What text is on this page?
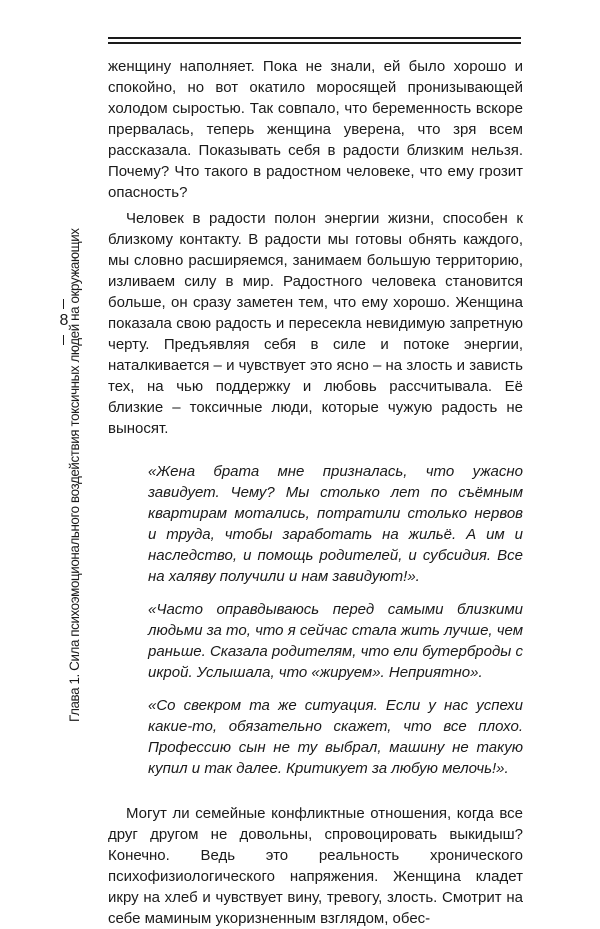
8
Глава 1. Сила психоэмоционального воздействия токсичных людей на окружающих

женщину наполняет. Пока не знали, ей было хорошо и спокойно, но вот окатило моросящей пронизывающей холодом сыростью. Так совпало, что беременность вскоре прервалась, теперь женщина уверена, что зря всем рассказала. Показывать себя в радости близким нельзя. Почему? Что такого в радостном человеке, что ему грозит опасность?

Человек в радости полон энергии жизни, способен к близкому контакту. В радости мы готовы обнять каждого, мы словно расширяемся, занимаем большую территорию, изливаем силу в мир. Радостного человека становится больше, он сразу заметен тем, что ему хорошо. Женщина показала свою радость и пересекла невидимую запретную черту. Предъявляя себя в силе и потоке энергии, наталкивается – и чувствует это ясно – на злость и зависть тех, на чью поддержку и любовь рассчитывала. Её близкие – токсичные люди, которые чужую радость не выносят.

«Жена брата мне призналась, что ужасно завидует. Чему? Мы столько лет по съёмным квартирам мотались, потратили столько нервов и труда, чтобы заработать на жильё. А им и наследство, и помощь родителей, и субсидия. Все на халяву получили и нам завидуют!».

«Часто оправдываюсь перед самыми близкими людьми за то, что я сейчас стала жить лучше, чем раньше. Сказала родителям, что ели бутерброды с икрой. Услышала, что «жируем». Неприятно».

«Со свекром та же ситуация. Если у нас успехи какие-то, обязательно скажет, что все плохо. Профессию сын не ту выбрал, машину не такую купил и так далее. Критикует за любую мелочь!».

Могут ли семейные конфликтные отношения, когда все друг другом не довольны, спровоцировать выкидыш? Конечно. Ведь это реальность хронического психофизиологического напряжения. Женщина кладет икру на хлеб и чувствует вину, тревогу, злость. Смотрит на себе маминым укоризненным взглядом, обес-
